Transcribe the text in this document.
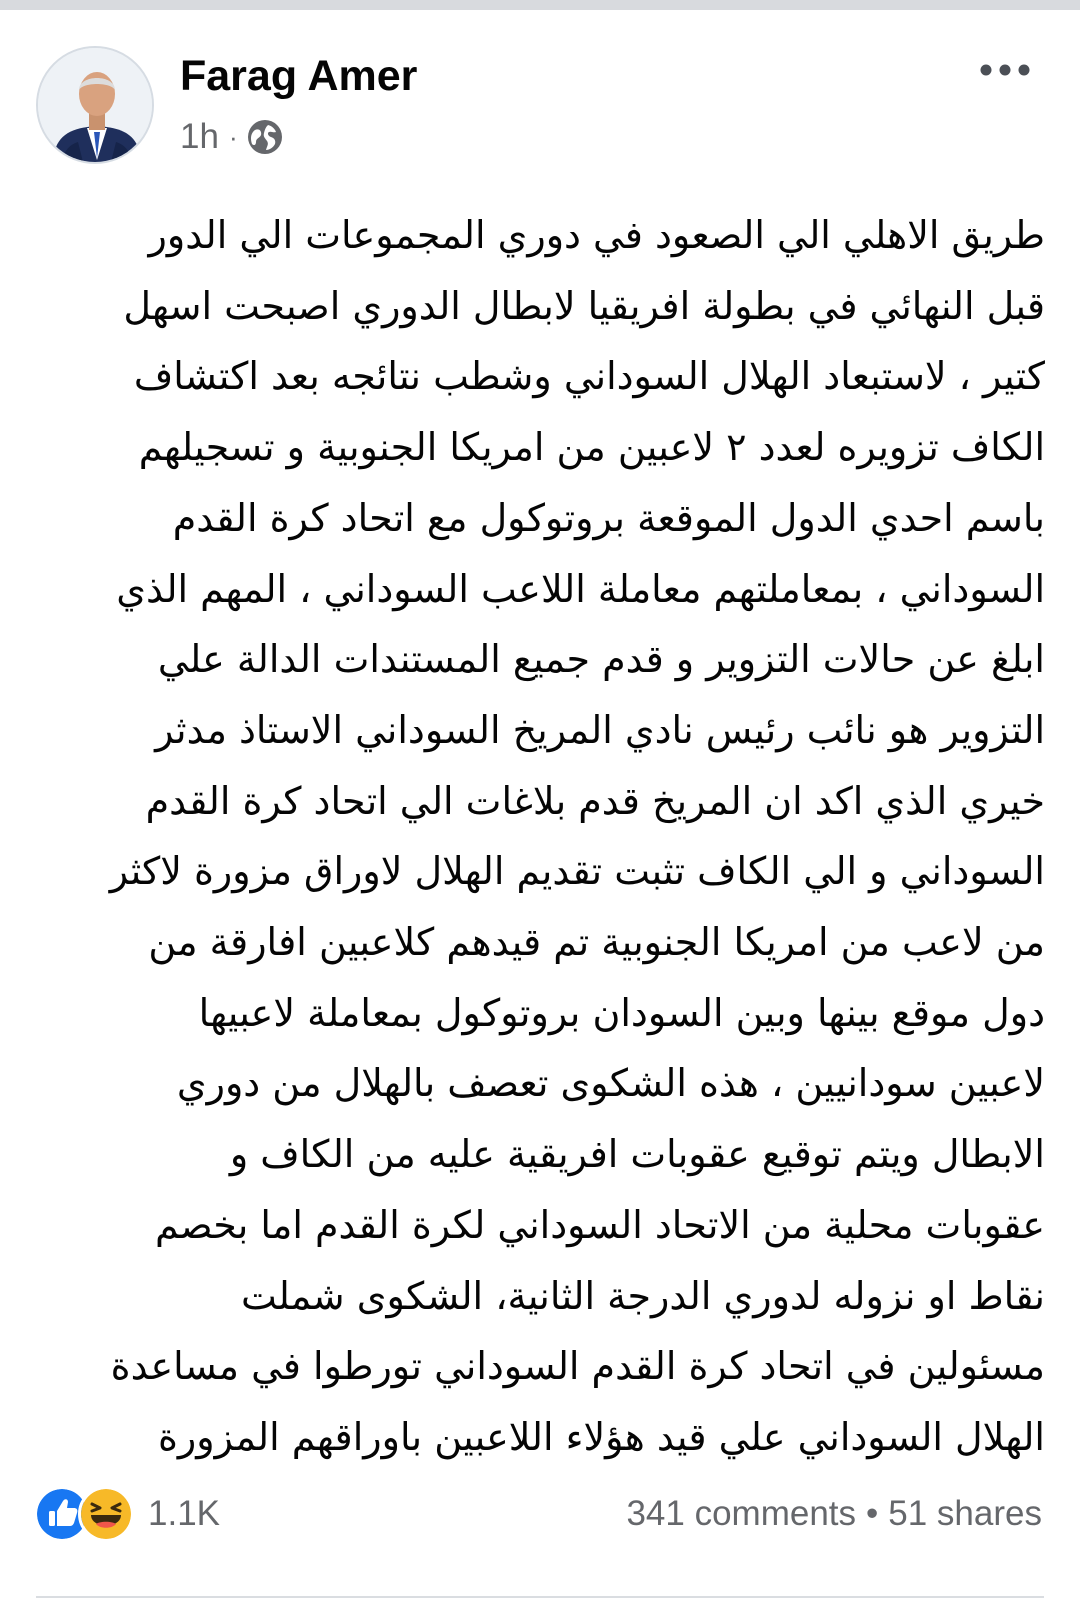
Farag Amer
1h ·

طريق الاهلي الي الصعود في دوري المجموعات الي الدور
قبل النهائي في بطولة افريقيا لابطال الدوري اصبحت اسهل
كتير ، لاستبعاد الهلال السوداني وشطب نتائجه بعد اكتشاف
الكاف تزويره لعدد ٢ لاعبين من امريكا الجنوبية و تسجيلهم
باسم احدي الدول الموقعة بروتوكول مع اتحاد كرة القدم
السوداني ، بمعاملتهم معاملة اللاعب السوداني ، المهم الذي
ابلغ عن حالات التزوير و قدم جميع المستندات الدالة علي
التزوير هو نائب رئيس نادي المريخ السوداني الاستاذ مدثر
خيري الذي اكد ان المريخ قدم بلاغات الي اتحاد كرة القدم
السوداني و الي الكاف تثبت تقديم الهلال لاوراق مزورة لاكثر
من لاعب من امريكا الجنوبية تم قيدهم كلاعبين افارقة من
دول موقع بينها وبين السودان بروتوكول بمعاملة لاعبيها
لاعبين سودانيين ، هذه الشكوى تعصف بالهلال من دوري
الابطال ويتم توقيع عقوبات افريقية عليه من الكاف و
عقوبات محلية من الاتحاد السوداني لكرة القدم اما بخصم
نقاط او نزوله لدوري الدرجة الثانية، الشكوى شملت
مسئولين في اتحاد كرة القدم السوداني تورطوا في مساعدة
الهلال السوداني علي قيد هؤلاء اللاعبين باوراقهم المزورة

1.1K	341 comments • 51 shares
